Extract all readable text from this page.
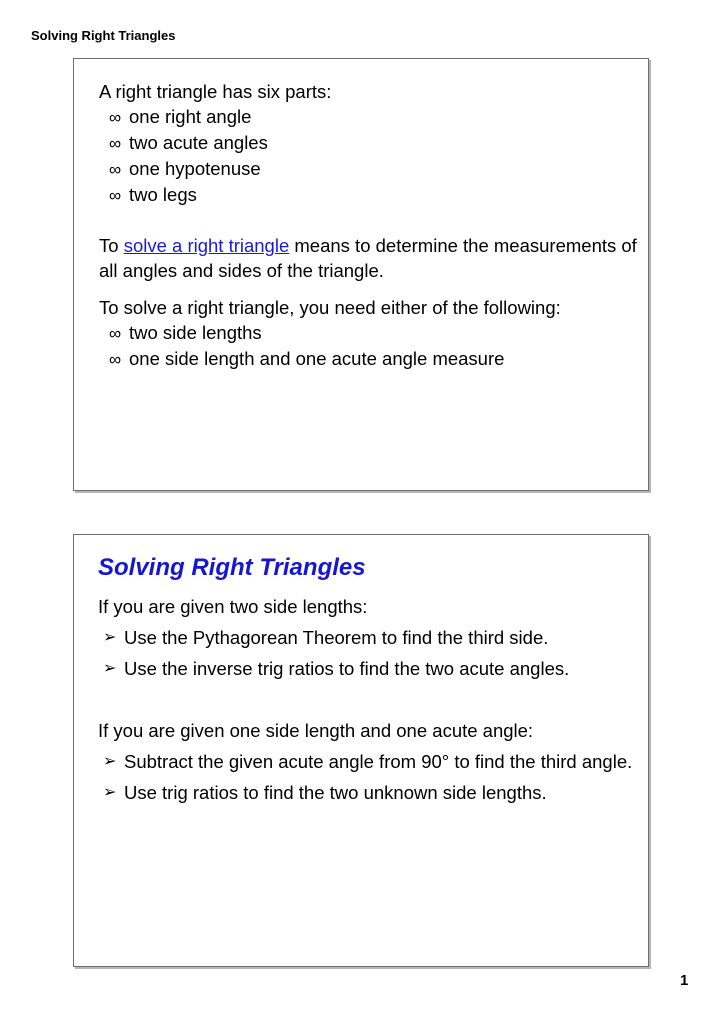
Solving Right Triangles
A right triangle has six parts:
∞ one right angle
∞ two acute angles
∞ one hypotenuse
∞ two legs
To solve a right triangle means to determine the measurements of all angles and sides of the triangle.
To solve a right triangle, you need either of the following:
∞ two side lengths
∞ one side length and one acute angle measure
Solving Right Triangles
If you are given two side lengths:
➢ Use the Pythagorean Theorem to find the third side.
➢ Use the inverse trig ratios to find the two acute angles.
If you are given one side length and one acute angle:
➢ Subtract the given acute angle from 90° to find the third angle.
➢ Use trig ratios to find the two unknown side lengths.
1
